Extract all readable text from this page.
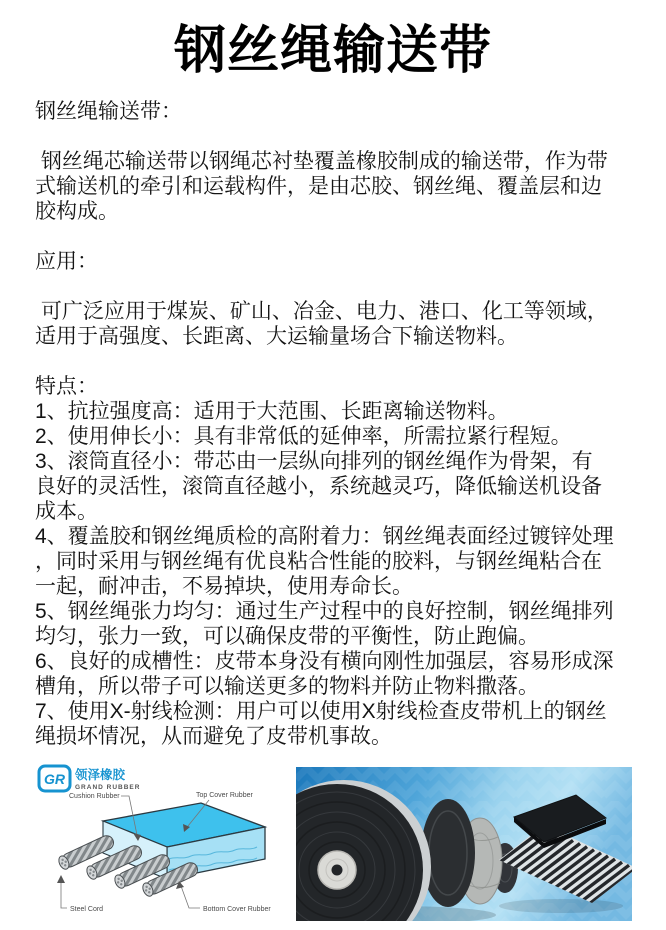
钢丝绳输送带
钢丝绳输送带：
钢丝绳芯输送带以钢绳芯衬垫覆盖橡胶制成的输送带，作为带
式输送机的牵引和运载构件，是由芯胶、钢丝绳、覆盖层和边
胶构成。
应用：
可广泛应用于煤炭、矿山、冶金、电力、港口、化工等领域，
适用于高强度、长距离、大运输量场合下输送物料。
特点：
1、抗拉强度高：适用于大范围、长距离输送物料。
2、使用伸长小：具有非常低的延伸率，所需拉紧行程短。
3、滚筒直径小：带芯由一层纵向排列的钢丝绳作为骨架，有
良好的灵活性，滚筒直径越小，系统越灵巧，降低输送机设备
成本。
4、覆盖胶和钢丝绳质检的高附着力：钢丝绳表面经过镀锌处理
，同时采用与钢丝绳有优良粘合性能的胶料，与钢丝绳粘合在
一起，耐冲击，不易掉块，使用寿命长。
5、钢丝绳张力均匀：通过生产过程中的良好控制，钢丝绳排列
均匀，张力一致，可以确保皮带的平衡性，防止跑偏。
6、良好的成槽性：皮带本身没有横向刚性加强层，容易形成深
槽角，所以带子可以输送更多的物料并防止物料撒落。
7、使用X-射线检测：用户可以使用X射线检查皮带机上的钢丝
绳损坏情况，从而避免了皮带机事故。
GR 领泽橡胶
GRAND RUBBER
Cushion Rubber	Top Cover Rubber
Steel Cord	Bottom Cover Rubber
